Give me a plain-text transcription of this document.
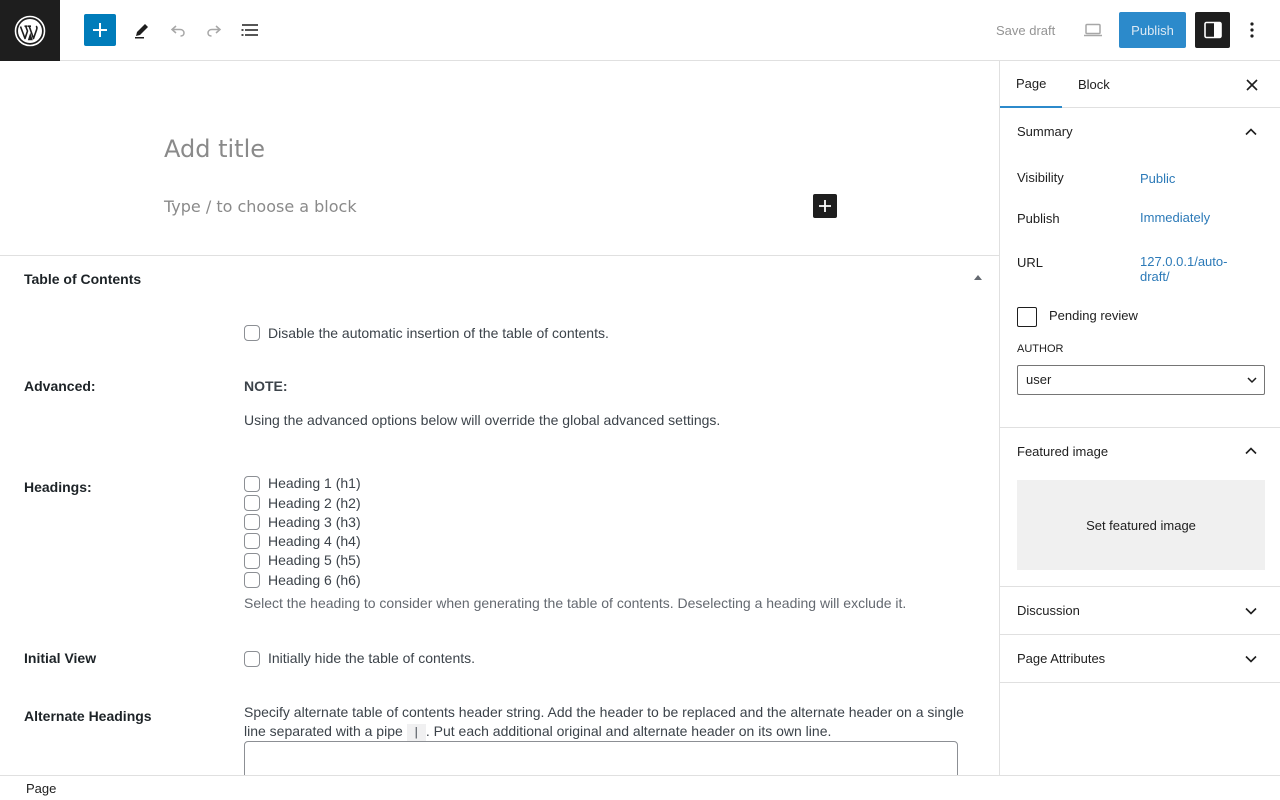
Save draft	Publish
Add title
Type / to choose a block
Table of Contents
Disable the automatic insertion of the table of contents.
Advanced:	NOTE:
Using the advanced options below will override the global advanced settings.
Headings:	Heading 1 (h1)
Heading 2 (h2)
Heading 3 (h3)
Heading 4 (h4)
Heading 5 (h5)
Heading 6 (h6)
Select the heading to consider when generating the table of contents. Deselecting a heading will exclude it.
Initial View	Initially hide the table of contents.
Alternate Headings	Specify alternate table of contents header string. Add the header to be replaced and the alternate header on a single line separated with a pipe | . Put each additional original and alternate header on its own line.
Page
Page	Block
Summary
Visibility	Public
Publish	Immediately
URL	127.0.0.1/auto-draft/
Pending review
AUTHOR
user
Featured image
Set featured image
Discussion
Page Attributes
